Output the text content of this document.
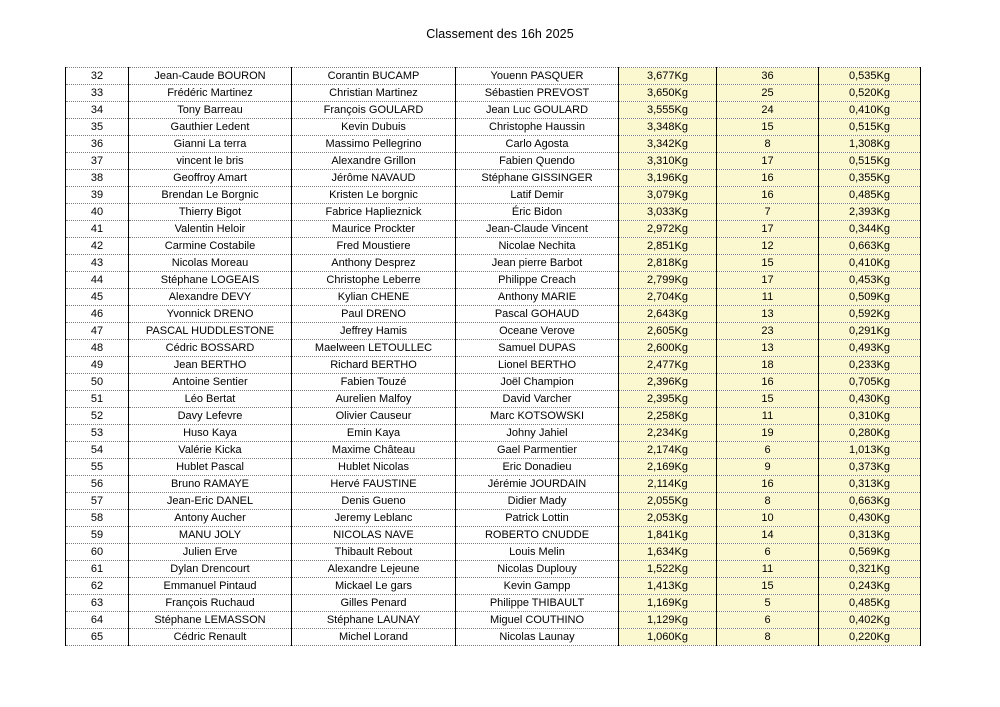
Classement des 16h 2025
32	Jean-Caude BOURON	Corantin BUCAMP	Youenn PASQUER	3,677Kg	36	0,535Kg
33	Frédéric Martinez	Christian Martinez	Sébastien PREVOST	3,650Kg	25	0,520Kg
34	Tony Barreau	François GOULARD	Jean Luc GOULARD	3,555Kg	24	0,410Kg
35	Gauthier Ledent	Kevin Dubuis	Christophe Haussin	3,348Kg	15	0,515Kg
36	Gianni La terra	Massimo Pellegrino	Carlo Agosta	3,342Kg	8	1,308Kg
37	vincent le bris	Alexandre Grillon	Fabien Quendo	3,310Kg	17	0,515Kg
38	Geoffroy Amart	Jérôme NAVAUD	Stéphane GISSINGER	3,196Kg	16	0,355Kg
39	Brendan Le Borgnic	Kristen Le borgnic	Latif Demir	3,079Kg	16	0,485Kg
40	Thierry Bigot	Fabrice Haplieznick	Éric Bidon	3,033Kg	7	2,393Kg
41	Valentin Heloir	Maurice Prockter	Jean-Claude Vincent	2,972Kg	17	0,344Kg
42	Carmine Costabile	Fred Moustiere	Nicolae Nechita	2,851Kg	12	0,663Kg
43	Nicolas Moreau	Anthony Desprez	Jean pierre Barbot	2,818Kg	15	0,410Kg
44	Stéphane LOGEAIS	Christophe Leberre	Philippe Creach	2,799Kg	17	0,453Kg
45	Alexandre DEVY	Kylian CHENE	Anthony MARIE	2,704Kg	11	0,509Kg
46	Yvonnick DRENO	Paul DRENO	Pascal GOHAUD	2,643Kg	13	0,592Kg
47	PASCAL HUDDLESTONE	Jeffrey Hamis	Oceane Verove	2,605Kg	23	0,291Kg
48	Cédric BOSSARD	Maelween LETOULLEC	Samuel DUPAS	2,600Kg	13	0,493Kg
49	Jean BERTHO	Richard BERTHO	Lionel BERTHO	2,477Kg	18	0,233Kg
50	Antoine Sentier	Fabien Touzé	Joël Champion	2,396Kg	16	0,705Kg
51	Léo Bertat	Aurelien Malfoy	David Varcher	2,395Kg	15	0,430Kg
52	Davy Lefevre	Olivier Causeur	Marc KOTSOWSKI	2,258Kg	11	0,310Kg
53	Huso Kaya	Emin Kaya	Johny Jahiel	2,234Kg	19	0,280Kg
54	Valérie Kicka	Maxime Château	Gael Parmentier	2,174Kg	6	1,013Kg
55	Hublet Pascal	Hublet Nicolas	Eric Donadieu	2,169Kg	9	0,373Kg
56	Bruno RAMAYE	Hervé FAUSTINE	Jérémie JOURDAIN	2,114Kg	16	0,313Kg
57	Jean-Eric DANEL	Denis Gueno	Didier Mady	2,055Kg	8	0,663Kg
58	Antony Aucher	Jeremy Leblanc	Patrick Lottin	2,053Kg	10	0,430Kg
59	MANU JOLY	NICOLAS NAVE	ROBERTO CNUDDE	1,841Kg	14	0,313Kg
60	Julien Erve	Thibault Rebout	Louis Melin	1,634Kg	6	0,569Kg
61	Dylan Drencourt	Alexandre Lejeune	Nicolas Duplouy	1,522Kg	11	0,321Kg
62	Emmanuel Pintaud	Mickael Le gars	Kevin Gampp	1,413Kg	15	0,243Kg
63	François Ruchaud	Gilles Penard	Philippe THIBAULT	1,169Kg	5	0,485Kg
64	Stéphane LEMASSON	Stéphane LAUNAY	Miguel COUTHINO	1,129Kg	6	0,402Kg
65	Cédric Renault	Michel Lorand	Nicolas Launay	1,060Kg	8	0,220Kg
